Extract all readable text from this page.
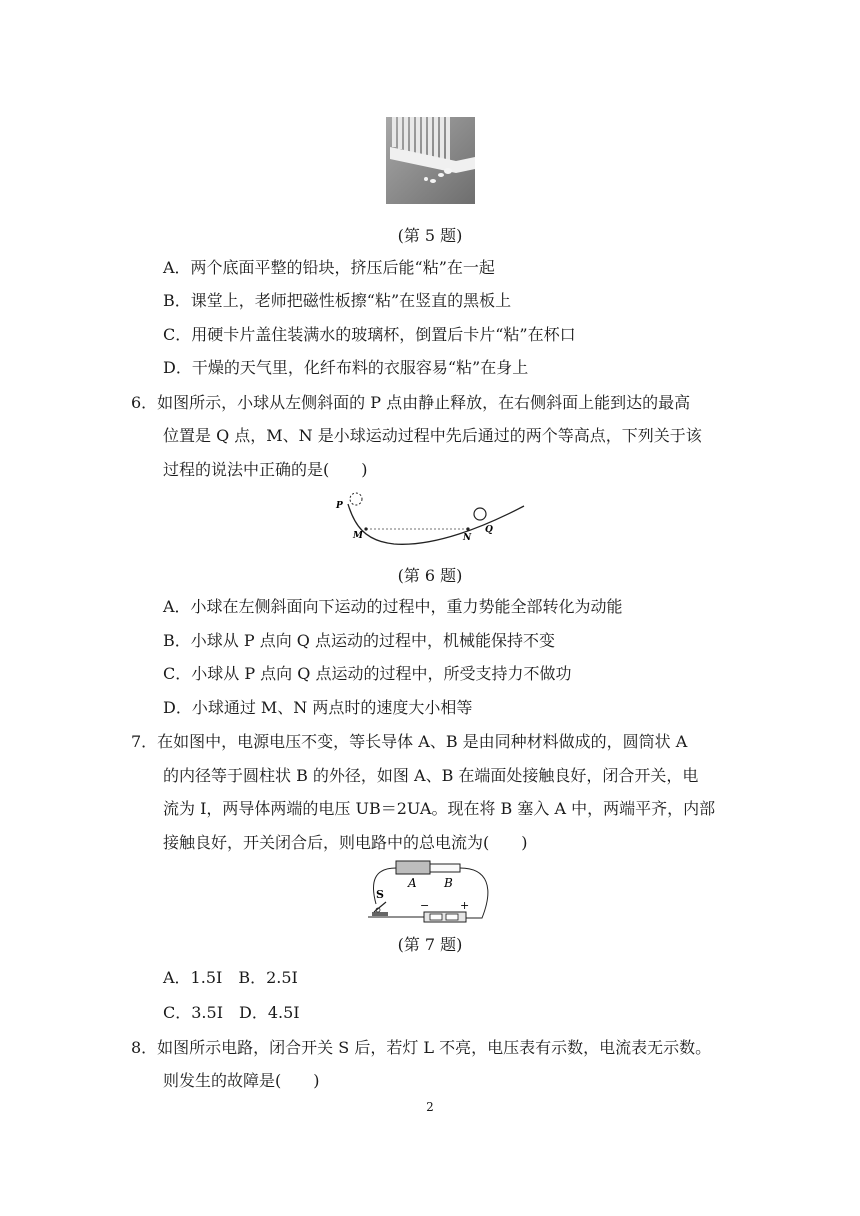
(第 5 题)
A．两个底面平整的铅块，挤压后能“粘”在一起
B．课堂上，老师把磁性板擦“粘”在竖直的黑板上
C．用硬卡片盖住装满水的玻璃杯，倒置后卡片“粘”在杯口
D．干燥的天气里，化纤布料的衣服容易“粘”在身上
6．如图所示，小球从左侧斜面的 P 点由静止释放，在右侧斜面上能到达的最高
位置是 Q 点，M、N 是小球运动过程中先后通过的两个等高点，下列关于该
过程的说法中正确的是(　　)
P
M	N
Q
(第 6 题)
A．小球在左侧斜面向下运动的过程中，重力势能全部转化为动能
B．小球从 P 点向 Q 点运动的过程中，机械能保持不变
C．小球从 P 点向 Q 点运动的过程中，所受支持力不做功
D．小球通过 M、N 两点时的速度大小相等
7．在如图中，电源电压不变，等长导体 A、B 是由同种材料做成的，圆筒状 A
的内径等于圆柱状 B 的外径，如图 A、B 在端面处接触良好，闭合开关，电
流为 I，两导体两端的电压 UB＝2UA。现在将 B 塞入 A 中，两端平齐，内部
接触良好，开关闭合后，则电路中的总电流为(　　)
A B
S
−	+
(第 7 题)
A．1.5I　B．2.5I
C．3.5I　D．4.5I
8．如图所示电路，闭合开关 S 后，若灯 L 不亮，电压表有示数，电流表无示数。
则发生的故障是(　　)
2
